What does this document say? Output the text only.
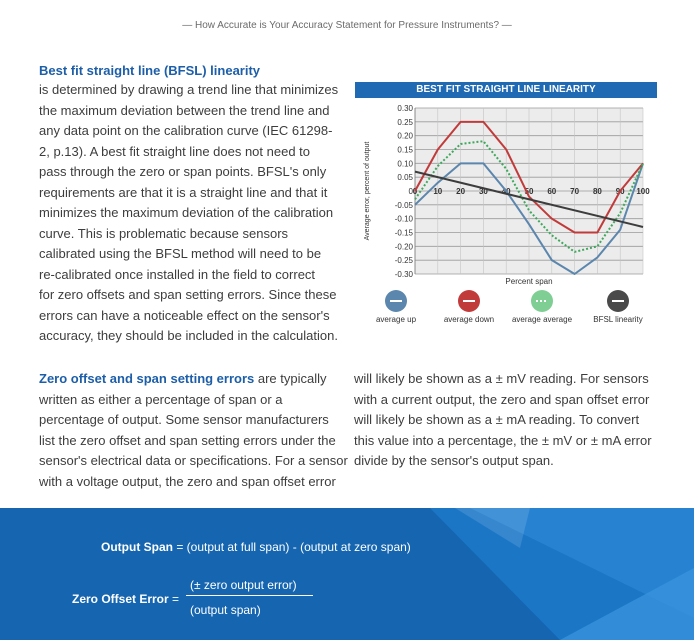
— How Accurate is Your Accuracy Statement for Pressure Instruments? —
Best fit straight line (BFSL) linearity

is determined by drawing a trend line that minimizes

the maximum deviation between the trend line and

any data point on the calibration curve (IEC 61298-

2, p.13). A best fit straight line does not need to

pass through the zero or span points. BFSL's only

requirements are that it is a straight line and that it

minimizes the maximum deviation of the calibration

curve. This is problematic because sensors

calibrated using the BFSL method will need to be

re-calibrated once installed in the field to correct

for zero offsets and span setting errors. Since these

errors can have a noticeable effect on the sensor's

accuracy, they should be included in the calculation.

BEST FIT STRAIGHT LINE LINEARITY
0.30
0.25
0.20
0.15
0.10
0.05
0
-0.05
-0.10
-0.15
-0.20
-0.25
-0.30
0 10 20 30 40 50 60 70 80 90 100
Percent span
Average error, percent of output
average up	average down	average average	BFSL linearity

Zero offset and span setting errors are typically

written as either a percentage of span or a

percentage of output. Some sensor manufacturers

list the zero offset and span setting errors under the

sensor's electrical data or specifications. For a sensor

with a voltage output, the zero and span offset error

will likely be shown as a ± mV reading. For sensors

with a current output, the zero and span offset error

will likely be shown as a ± mA reading. To convert

this value into a percentage, the ± mV or ± mA error

divide by the sensor's output span.

Output Span = (output at full span) - (output at zero span)
Zero Offset Error =
(± zero output error)
(output span)
